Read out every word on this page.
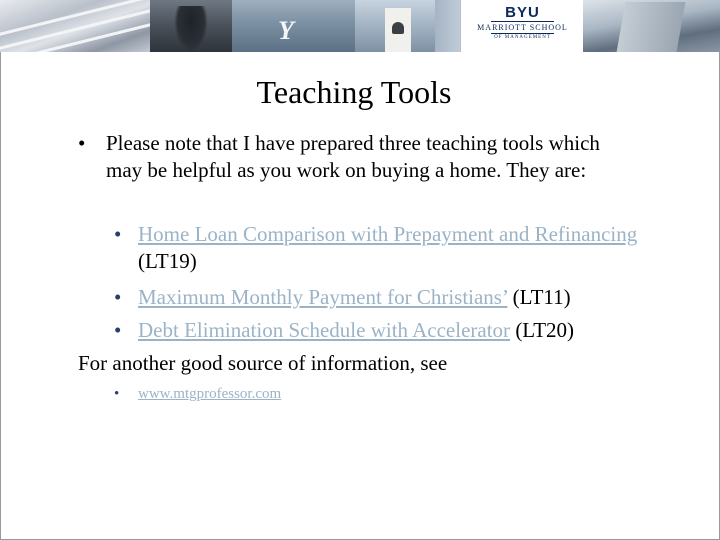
Y
BYU
MARRIOTT SCHOOL
OF MANAGEMENT
Teaching Tools
• Please note that I have prepared three teaching tools which may be helpful as you work on buying a home. They are:
• Home Loan Comparison with Prepayment and Refinancing (LT19)
• Maximum Monthly Payment for Christians’ (LT11)
• Debt Elimination Schedule with Accelerator (LT20)
For another good source of information, see
• www.mtgprofessor.com
